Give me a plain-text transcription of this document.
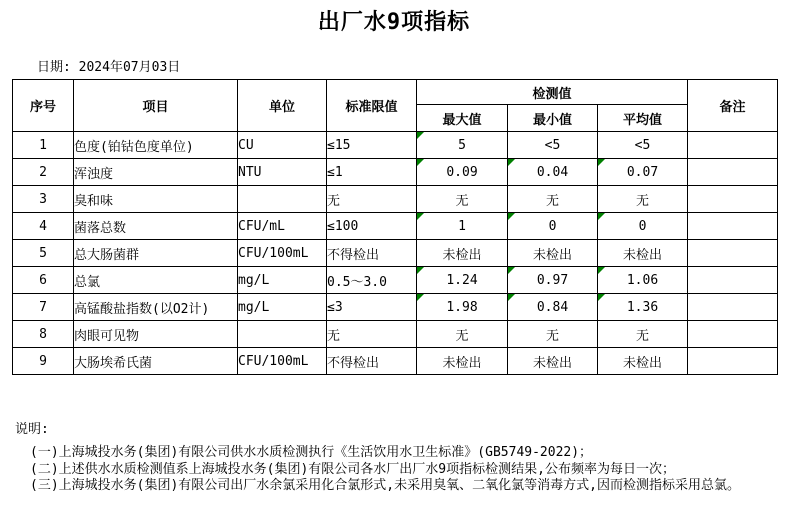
出厂水9项指标
日期: 2024年07月03日
序号	项目	单位	标准限值	检测值			备注
				最大值	最小值	平均值	
1	色度(铂钴色度单位)	CU	≤15	5	<5	<5	
2	浑浊度	NTU	≤1	0.09	0.04	0.07	
3	臭和味		无	无	无	无	
4	菌落总数	CFU/mL	≤100	1	0	0	
5	总大肠菌群	CFU/100mL	不得检出	未检出	未检出	未检出	
6	总氯	mg/L	0.5～3.0	1.24	0.97	1.06	
7	高锰酸盐指数(以O2计)	mg/L	≤3	1.98	0.84	1.36	
8	肉眼可见物		无	无	无	无	
9	大肠埃希氏菌	CFU/100mL	不得检出	未检出	未检出	未检出	
说明:
(一)上海城投水务(集团)有限公司供水水质检测执行《生活饮用水卫生标准》(GB5749-2022)；
(二)上述供水水质检测值系上海城投水务(集团)有限公司各水厂出厂水9项指标检测结果,公布频率为每日一次；
(三)上海城投水务(集团)有限公司出厂水余氯采用化合氯形式,未采用臭氧、二氧化氯等消毒方式,因而检测指标采用总氯。
